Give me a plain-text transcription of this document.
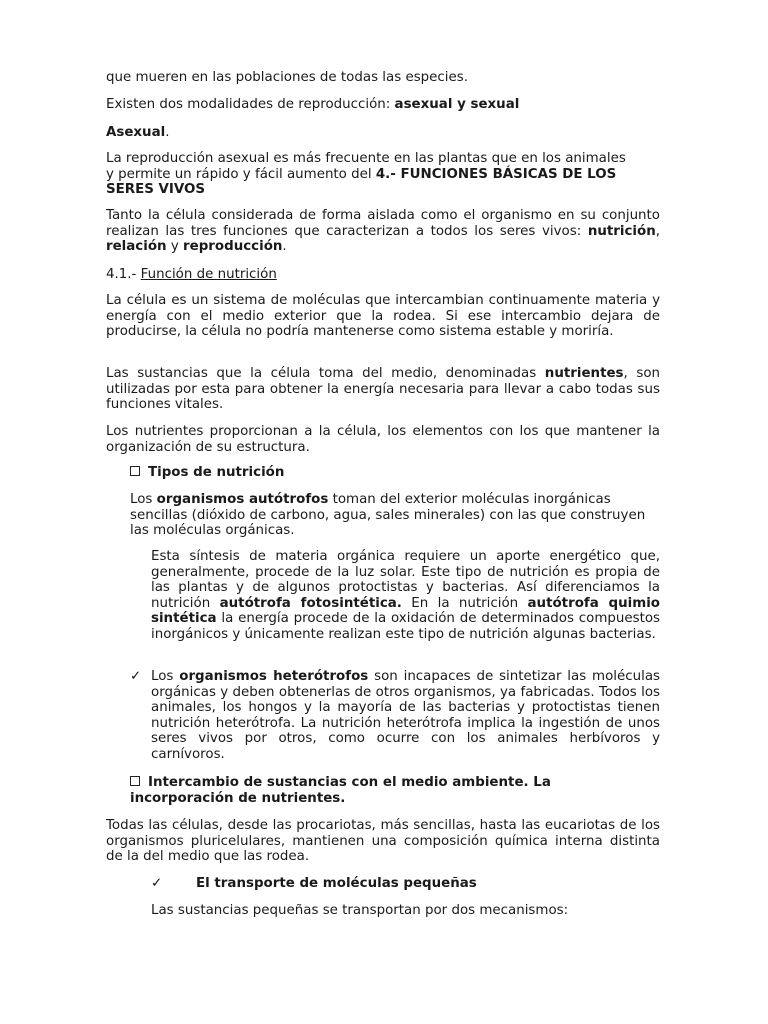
que mueren en las poblaciones de todas las especies.

Existen dos modalidades de reproducción: asexual y sexual

Asexual.

La reproducción asexual es más frecuente en las plantas que en los animales y permite un rápido y fácil aumento del 4.- FUNCIONES BÁSICAS DE LOS SERES VIVOS

Tanto la célula considerada de forma aislada como el organismo en su conjunto realizan las tres funciones que caracterizan a todos los seres vivos: nutrición, relación y reproducción.

4.1.- Función de nutrición

La célula es un sistema de moléculas que intercambian continuamente materia y energía con el medio exterior que la rodea. Si ese intercambio dejara de producirse, la célula no podría mantenerse como sistema estable y moriría.

Las sustancias que la célula toma del medio, denominadas nutrientes, son utilizadas por esta para obtener la energía necesaria para llevar a cabo todas sus funciones vitales.

Los nutrientes proporcionan a la célula, los elementos con los que mantener la organización de su estructura.

Tipos de nutrición

Los organismos autótrofos toman del exterior moléculas inorgánicas sencillas (dióxido de carbono, agua, sales minerales) con las que construyen las moléculas orgánicas.

Esta síntesis de materia orgánica requiere un aporte energético que, generalmente, procede de la luz solar. Este tipo de nutrición es propia de las plantas y de algunos protoctistas y bacterias. Así diferenciamos la nutrición autótrofa fotosintética. En la nutrición autótrofa quimio sintética la energía procede de la oxidación de determinados compuestos inorgánicos y únicamente realizan este tipo de nutrición algunas bacterias.

✓ Los organismos heterótrofos son incapaces de sintetizar las moléculas orgánicas y deben obtenerlas de otros organismos, ya fabricadas. Todos los animales, los hongos y la mayoría de las bacterias y protoctistas tienen nutrición heterótrofa. La nutrición heterótrofa implica la ingestión de unos seres vivos por otros, como ocurre con los animales herbívoros y carnívoros.

Intercambio de sustancias con el medio ambiente. La incorporación de nutrientes.

Todas las células, desde las procariotas, más sencillas, hasta las eucariotas de los organismos pluricelulares, mantienen una composición química interna distinta de la del medio que las rodea.

✓	El transporte de moléculas pequeñas

Las sustancias pequeñas se transportan por dos mecanismos:
